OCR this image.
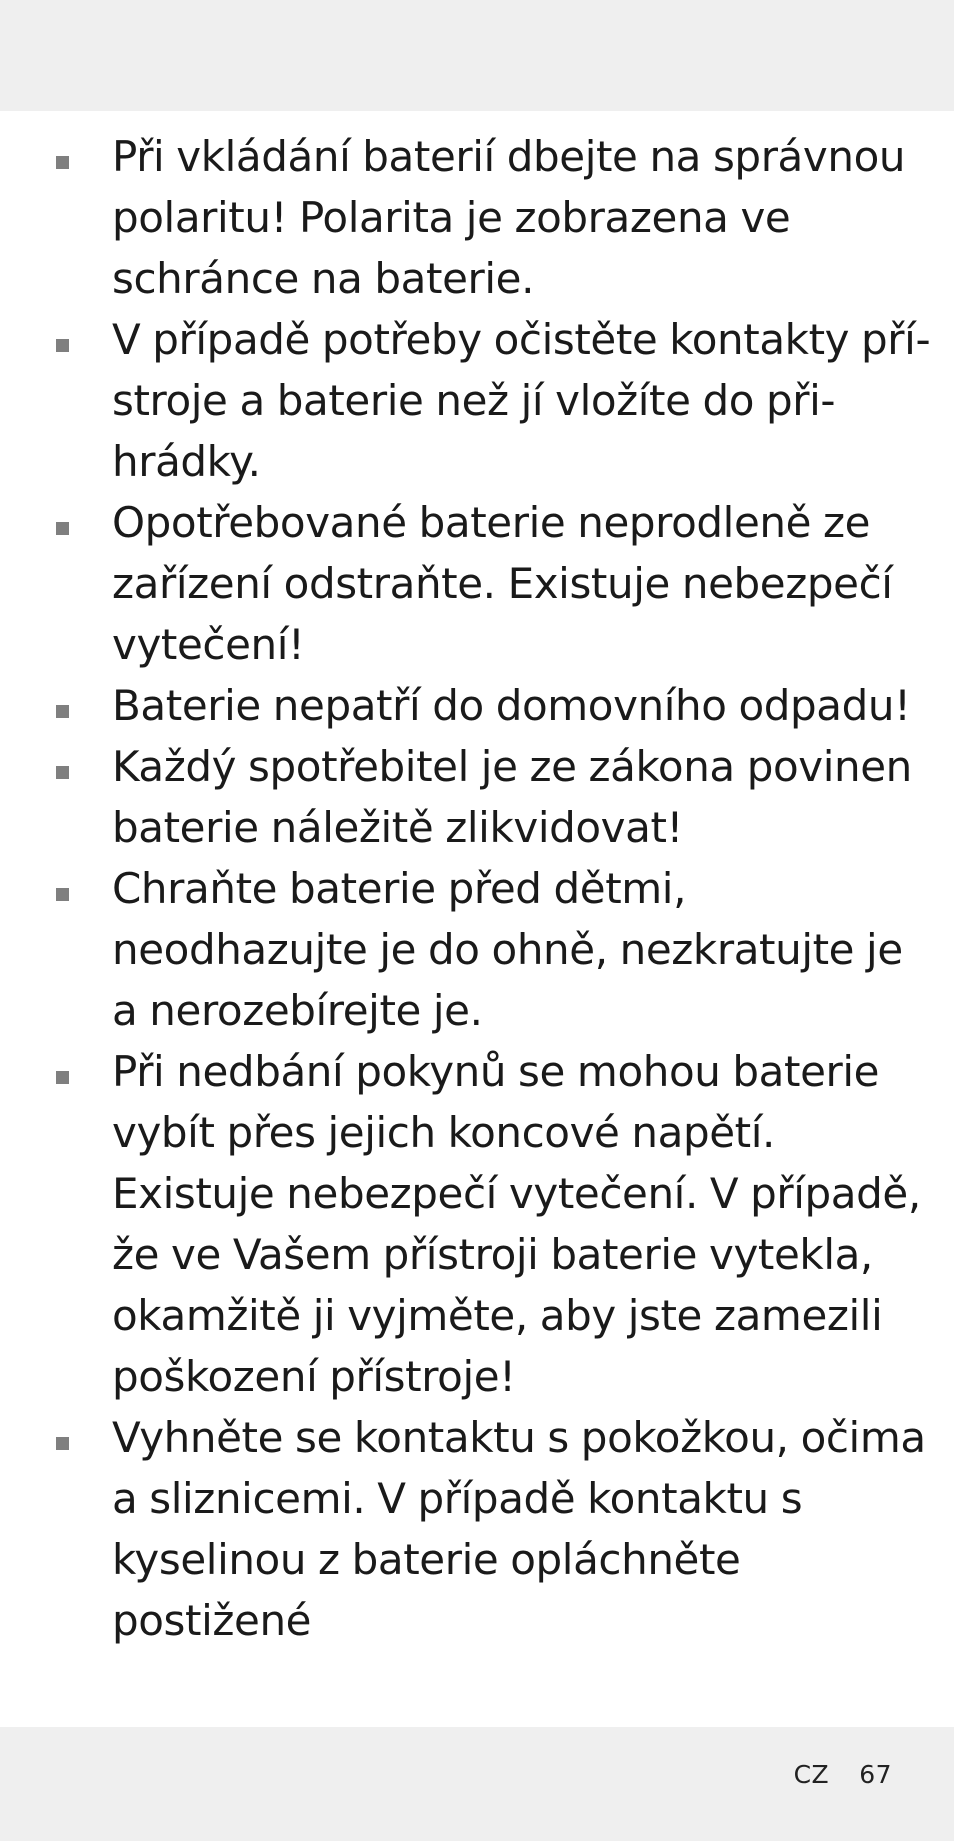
Při vkládání baterií dbejte na správnou polaritu! Polarita je zobrazena ve schránce na baterie.
V případě potřeby očistěte kontakty přístroje a baterie než jí vložíte do přihrádky.
Opotřebované baterie neprodleně ze zařízení odstraňte. Existuje nebezpečí vytečení!
Baterie nepatří do domovního odpadu!
Každý spotřebitel je ze zákona povinen baterie náležitě zlikvidovat!
Chraňte baterie před dětmi, neodhazujte je do ohně, nezkratujte je a nerozebírejte je.
Při nedbání pokynů se mohou baterie vybít přes jejich koncové napětí. Existuje nebezpečí vytečení. V případě, že ve Vašem přístroji baterie vytekla, okamžitě ji vyjměte, aby jste zamezili poškození přístroje!
Vyhněte se kontaktu s pokožkou, očima a sliznicemi. V případě kontaktu s kyselinou z baterie opláchněte postižené
CZ 67
